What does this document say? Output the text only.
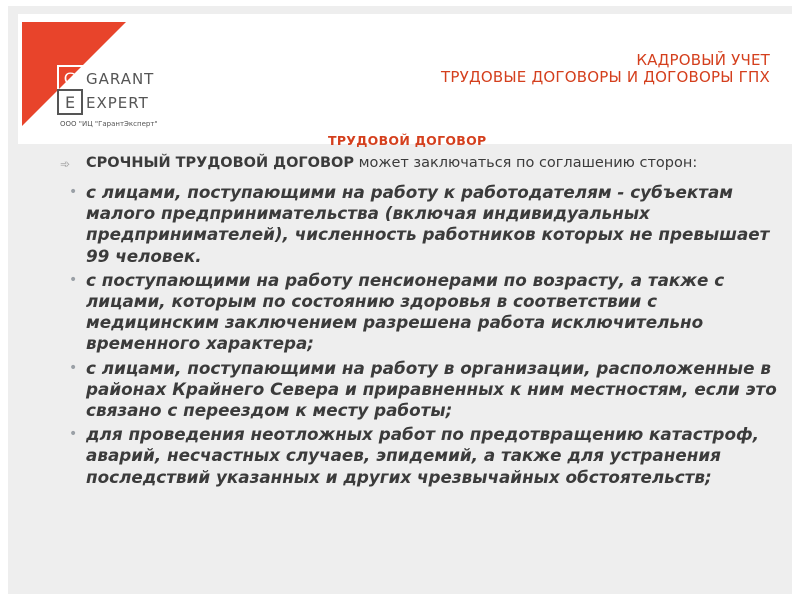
G
E
GARANT
EXPERT
ООО "ИЦ "ГарантЭксперт"
КАДРОВЫЙ УЧЕТ
ТРУДОВЫЕ ДОГОВОРЫ И ДОГОВОРЫ ГПХ
ТРУДОВОЙ ДОГОВОР
➾ СРОЧНЫЙ ТРУДОВОЙ ДОГОВОР может заключаться по соглашению сторон:
• с лицами, поступающими на работу к работодателям - субъектам малого предпринимательства (включая индивидуальных предпринимателей), численность работников которых не превышает 99 человек.
• с поступающими на работу пенсионерами по возрасту, а также с лицами, которым по состоянию здоровья в соответствии с медицинским заключением разрешена работа исключительно временного характера;
• с лицами, поступающими на работу в организации, расположенные в районах Крайнего Севера и приравненных к ним местностям, если это связано с переездом к месту работы;
• для проведения неотложных работ по предотвращению катастроф, аварий, несчастных случаев, эпидемий, а также для устранения последствий указанных и других чрезвычайных обстоятельств;
